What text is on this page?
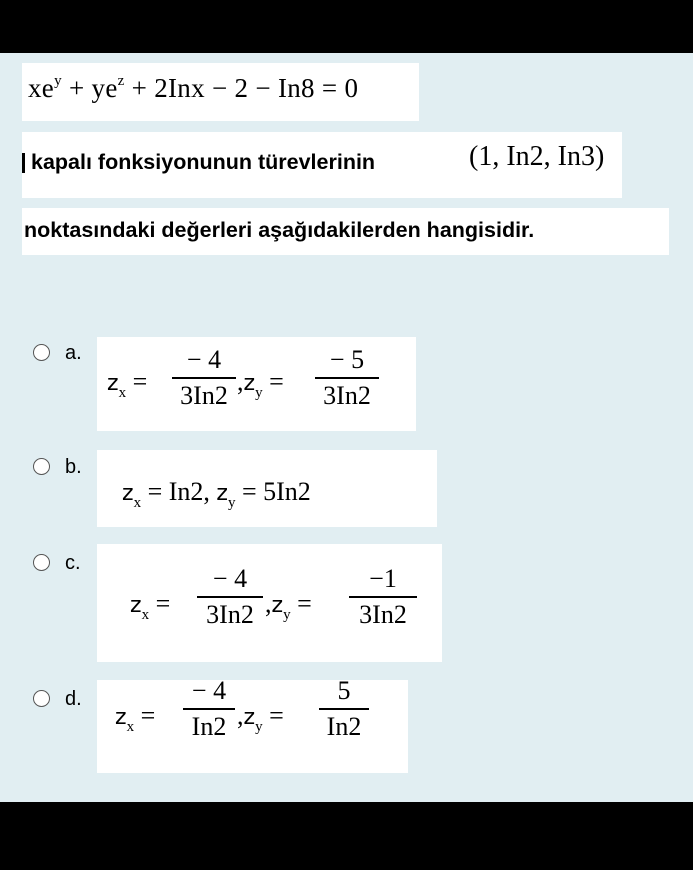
$xe^y + ye^z + 2Inx - 2 - In8 = 0$
kapalı fonksiyonunun türevlerinin	(1, In2, In3)
noktasındaki değerleri aşağıdakilerden hangisidir.
a.
$z_x$ =
− 4
3In2 $,z_y$ =
− 5
3In2
b.
$z_x = In2$, $z_y = 5In2$
c.
$z_x$ =
− 4
3In2 $,z_y$ =
−1
3In2
d.
$z_x$ =
− 4
In2 $,z_y$ =
5
In2
